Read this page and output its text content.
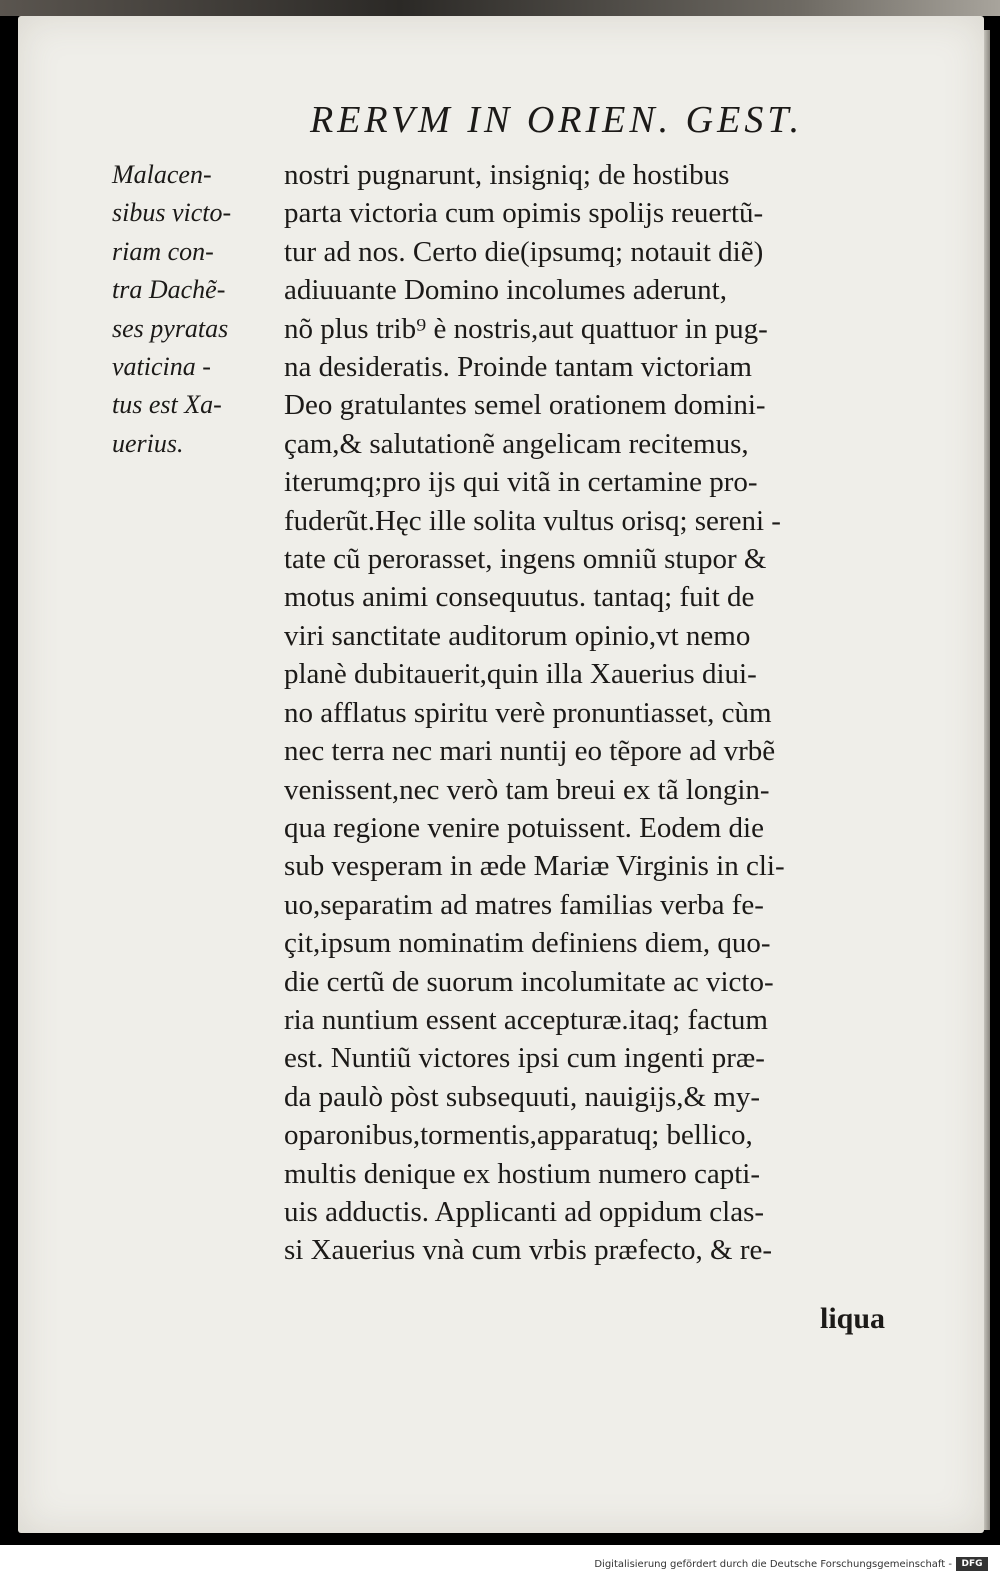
RERVM IN ORIEN. GEST.
Malacen-
sibus victo-
riam con-
tra Dachẽ-
ses pyratas
vaticina -
tus est Xa-
uerius.
nostri pugnarunt, insigniq; de hostibus
parta victoria cum opimis spolijs reuertũ-
tur ad nos. Certo die(ipsumq; notauit diẽ)
adiuuante Domino incolumes aderunt,
nõ plus trib⁹ è nostris,aut quattuor in pug-
na desideratis. Proinde tantam victoriam
Deo gratulantes semel orationem domini-
çam,& salutationẽ angelicam recitemus,
iterumq;pro ijs qui vitã in certamine pro-
fuderũt.Hęc ille solita vultus orisq; sereni -
tate cũ perorasset, ingens omniũ stupor &
motus animi consequutus. tantaq; fuit de
viri sanctitate auditorum opinio,vt nemo
planè dubitauerit,quin illa Xauerius diui-
no afflatus spiritu verè pronuntiasset, cùm
nec terra nec mari nuntij eo tẽpore ad vrbẽ
venissent,nec verò tam breui ex tã longin-
qua regione venire potuissent. Eodem die
sub vesperam in æde Mariæ Virginis in cli-
uo,separatim ad matres familias verba fe-
çit,ipsum nominatim definiens diem, quo-
die certũ de suorum incolumitate ac victo-
ria nuntium essent accepturæ.itaq; factum
est. Nuntiũ victores ipsi cum ingenti præ-
da paulò pòst subsequuti, nauigijs,& my-
oparonibus,tormentis,apparatuq; bellico,
multis denique ex hostium numero capti-
uis adductis. Applicanti ad oppidum clas-
si Xauerius vnà cum vrbis præfecto, & re-
liqua
Digitalisierung gefördert durch die Deutsche Forschungsgemeinschaft -	DFG
